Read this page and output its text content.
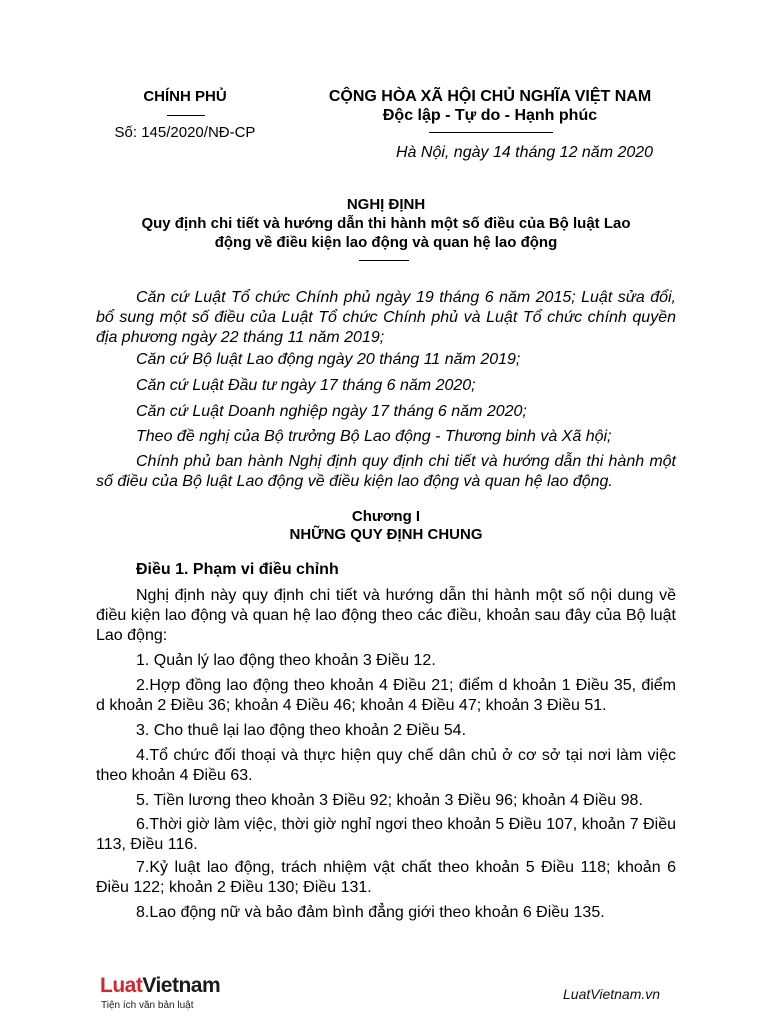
CHÍNH PHỦ
Số: 145/2020/NĐ-CP
CỘNG HÒA XÃ HỘI CHỦ NGHĨA VIỆT NAM
Độc lập - Tự do - Hạnh phúc
Hà Nội, ngày 14 tháng 12 năm 2020
NGHỊ ĐỊNH
Quy định chi tiết và hướng dẫn thi hành một số điều của Bộ luật Lao
động về điều kiện lao động và quan hệ lao động
Căn cứ Luật Tổ chức Chính phủ ngày 19 tháng 6 năm 2015; Luật sửa đổi, bổ sung một số điều của Luật Tổ chức Chính phủ và Luật Tổ chức chính quyền địa phương ngày 22 tháng 11 năm 2019;
Căn cứ Bộ luật Lao động ngày 20 tháng 11 năm 2019;
Căn cứ Luật Đầu tư ngày 17 tháng 6 năm 2020;
Căn cứ Luật Doanh nghiệp ngày 17 tháng 6 năm 2020;
Theo đề nghị của Bộ trưởng Bộ Lao động - Thương binh và Xã hội;
Chính phủ ban hành Nghị định quy định chi tiết và hướng dẫn thi hành một số điều của Bộ luật Lao động về điều kiện lao động và quan hệ lao động.
Chương I
NHỮNG QUY ĐỊNH CHUNG
Điều 1. Phạm vi điều chỉnh
Nghị định này quy định chi tiết và hướng dẫn thi hành một số nội dung về điều kiện lao động và quan hệ lao động theo các điều, khoản sau đây của Bộ luật Lao động:
1. Quản lý lao động theo khoản 3 Điều 12.
2.Hợp đồng lao động theo khoản 4 Điều 21; điểm d khoản 1 Điều 35, điểm d khoản 2 Điều 36; khoản 4 Điều 46; khoản 4 Điều 47; khoản 3 Điều 51.
3. Cho thuê lại lao động theo khoản 2 Điều 54.
4.Tổ chức đối thoại và thực hiện quy chế dân chủ ở cơ sở tại nơi làm việc theo khoản 4 Điều 63.
5. Tiền lương theo khoản 3 Điều 92; khoản 3 Điều 96; khoản 4 Điều 98.
6.Thời giờ làm việc, thời giờ nghỉ ngơi theo khoản 5 Điều 107, khoản 7 Điều 113, Điều 116.
7.Kỷ luật lao động, trách nhiệm vật chất theo khoản 5 Điều 118; khoản 6 Điều 122; khoản 2 Điều 130; Điều 131.
8.Lao động nữ và bảo đảm bình đẳng giới theo khoản 6 Điều 135.
LuatVietnam
Tiện ích văn bản luật
LuatVietnam.vn
